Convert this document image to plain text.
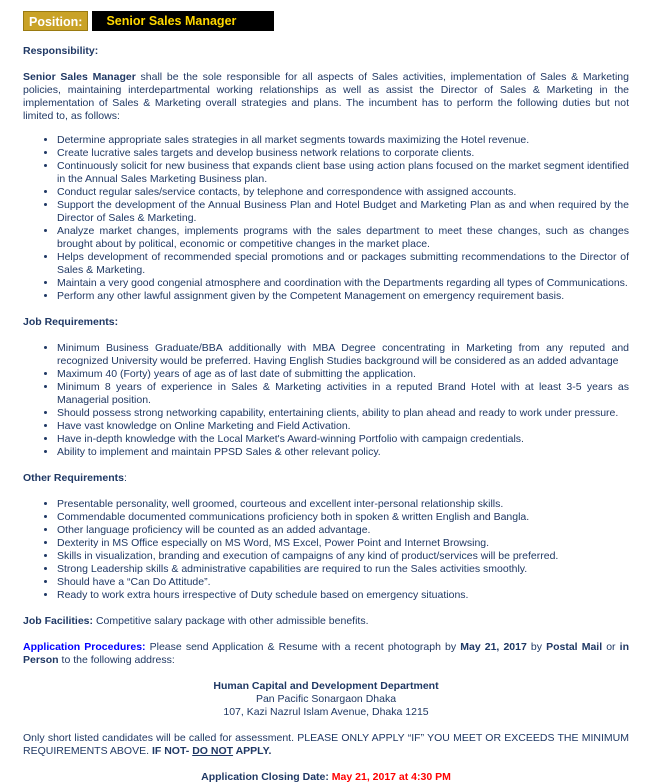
Position:	Senior Sales Manager

Responsibility:

Senior Sales Manager shall be the sole responsible for all aspects of Sales activities, implementation of Sales & Marketing policies, maintaining interdepartmental working relationships as well as assist the Director of Sales & Marketing in the implementation of Sales & Marketing overall strategies and plans. The incumbent has to perform the following duties but not limited to, as follows:

• Determine appropriate sales strategies in all market segments towards maximizing the Hotel revenue.
• Create lucrative sales targets and develop business network relations to corporate clients.
• Continuously solicit for new business that expands client base using action plans focused on the market segment identified in the Annual Sales Marketing Business plan.
• Conduct regular sales/service contacts, by telephone and correspondence with assigned accounts.
• Support the development of the Annual Business Plan and Hotel Budget and Marketing Plan as and when required by the Director of Sales & Marketing.
• Analyze market changes, implements programs with the sales department to meet these changes, such as changes brought about by political, economic or competitive changes in the market place.
• Helps development of recommended special promotions and or packages submitting recommendations to the Director of Sales & Marketing.
• Maintain a very good congenial atmosphere and coordination with the Departments regarding all types of Communications.
• Perform any other lawful assignment given by the Competent Management on emergency requirement basis.

Job Requirements:

• Minimum Business Graduate/BBA additionally with MBA Degree concentrating in Marketing from any reputed and recognized University would be preferred. Having English Studies background will be considered as an added advantage
• Maximum 40 (Forty) years of age as of last date of submitting the application.
• Minimum 8 years of experience in Sales & Marketing activities in a reputed Brand Hotel with at least 3-5 years as Managerial position.
• Should possess strong networking capability, entertaining clients, ability to plan ahead and ready to work under pressure.
• Have vast knowledge on Online Marketing and Field Activation.
• Have in-depth knowledge with the Local Market's Award-winning Portfolio with campaign credentials.
• Ability to implement and maintain PPSD Sales & other relevant policy.

Other Requirements:

• Presentable personality, well groomed, courteous and excellent inter-personal relationship skills.
• Commendable documented communications proficiency both in spoken & written English and Bangla.
• Other language proficiency will be counted as an added advantage.
• Dexterity in MS Office especially on MS Word, MS Excel, Power Point and Internet Browsing.
• Skills in visualization, branding and execution of campaigns of any kind of product/services will be preferred.
• Strong Leadership skills & administrative capabilities are required to run the Sales activities smoothly.
• Should have a “Can Do Attitude”.
• Ready to work extra hours irrespective of Duty schedule based on emergency situations.

Job Facilities: Competitive salary package with other admissible benefits.

Application Procedures: Please send Application & Resume with a recent photograph by May 21, 2017 by Postal Mail or in Person to the following address:

Human Capital and Development Department

Pan Pacific Sonargaon Dhaka

107, Kazi Nazrul Islam Avenue, Dhaka 1215

Only short listed candidates will be called for assessment. PLEASE ONLY APPLY “IF” YOU MEET OR EXCEEDS THE MINIMUM REQUIREMENTS ABOVE. IF NOT- DO NOT APPLY.

Application Closing Date: May 21, 2017 at 4:30 PM
